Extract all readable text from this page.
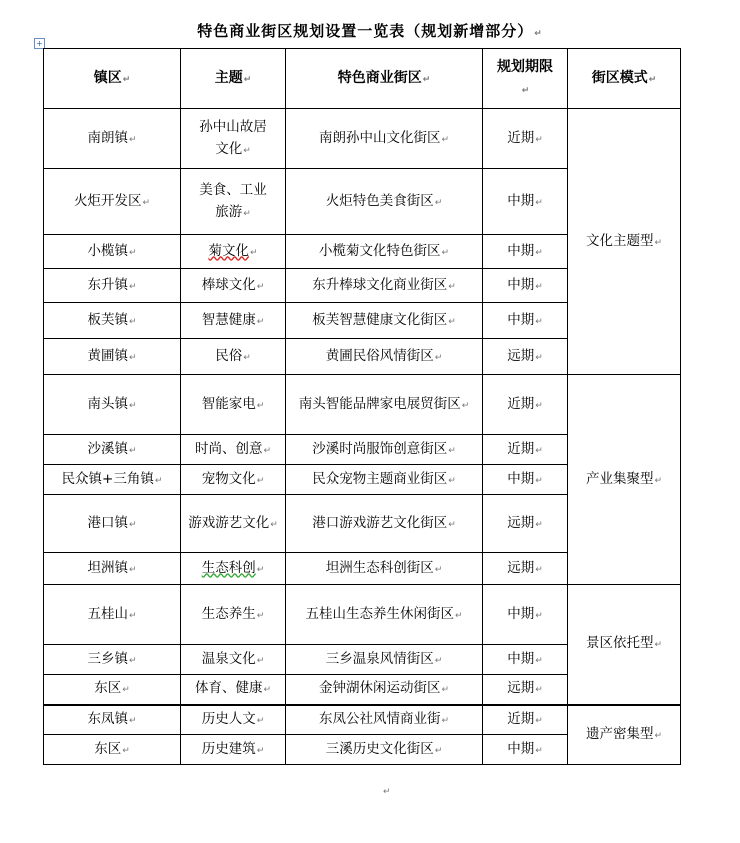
特色商业街区规划设置一览表（规划新增部分）↵
+
镇区↵	主题↵	特色商业街区↵	规划期限↵	街区模式↵
南朗镇↵	孙中山故居文化↵	南朗孙中山文化街区↵	近期↵	文化主题型↵
火炬开发区↵	美食、工业旅游↵	火炬特色美食街区↵	中期↵	
小榄镇↵	菊文化↵	小榄菊文化特色街区↵	中期↵	
东升镇↵	棒球文化↵	东升棒球文化商业街区↵	中期↵	
板芙镇↵	智慧健康↵	板芙智慧健康文化街区↵	中期↵	
黄圃镇↵	民俗↵	黄圃民俗风情街区↵	远期↵	
南头镇↵	智能家电↵	南头智能品牌家电展贸街区↵	近期↵	产业集聚型↵
沙溪镇↵	时尚、创意↵	沙溪时尚服饰创意街区↵	近期↵	
民众镇+三角镇↵	宠物文化↵	民众宠物主题商业街区↵	中期↵	
港口镇↵	游戏游艺文化↵	港口游戏游艺文化街区↵	远期↵	
坦洲镇↵	生态科创↵	坦洲生态科创街区↵	远期↵	
五桂山↵	生态养生↵	五桂山生态养生休闲街区↵	中期↵	景区依托型↵
三乡镇↵	温泉文化↵	三乡温泉风情街区↵	中期↵	
东区↵	体育、健康↵	金钟湖休闲运动街区↵	远期↵	
东凤镇↵	历史人文↵	东凤公社风情商业街↵	近期↵	遗产密集型↵
东区↵	历史建筑↵	三溪历史文化街区↵	中期↵	
↵
